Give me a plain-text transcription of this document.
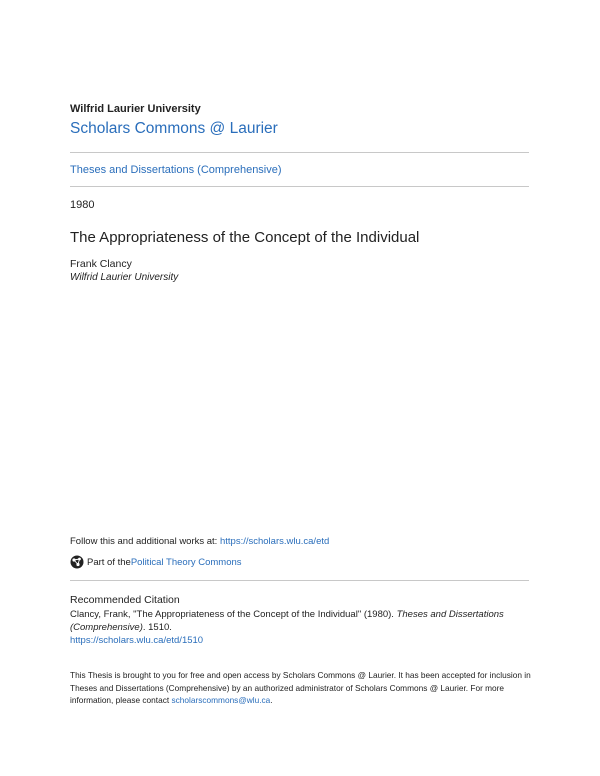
Wilfrid Laurier University
Scholars Commons @ Laurier
Theses and Dissertations (Comprehensive)
1980
The Appropriateness of the Concept of the Individual
Frank Clancy
Wilfrid Laurier University
Follow this and additional works at: https://scholars.wlu.ca/etd
Part of the Political Theory Commons
Recommended Citation
Clancy, Frank, "The Appropriateness of the Concept of the Individual" (1980). Theses and Dissertations (Comprehensive). 1510.
https://scholars.wlu.ca/etd/1510
This Thesis is brought to you for free and open access by Scholars Commons @ Laurier. It has been accepted for inclusion in Theses and Dissertations (Comprehensive) by an authorized administrator of Scholars Commons @ Laurier. For more information, please contact scholarscommons@wlu.ca.
